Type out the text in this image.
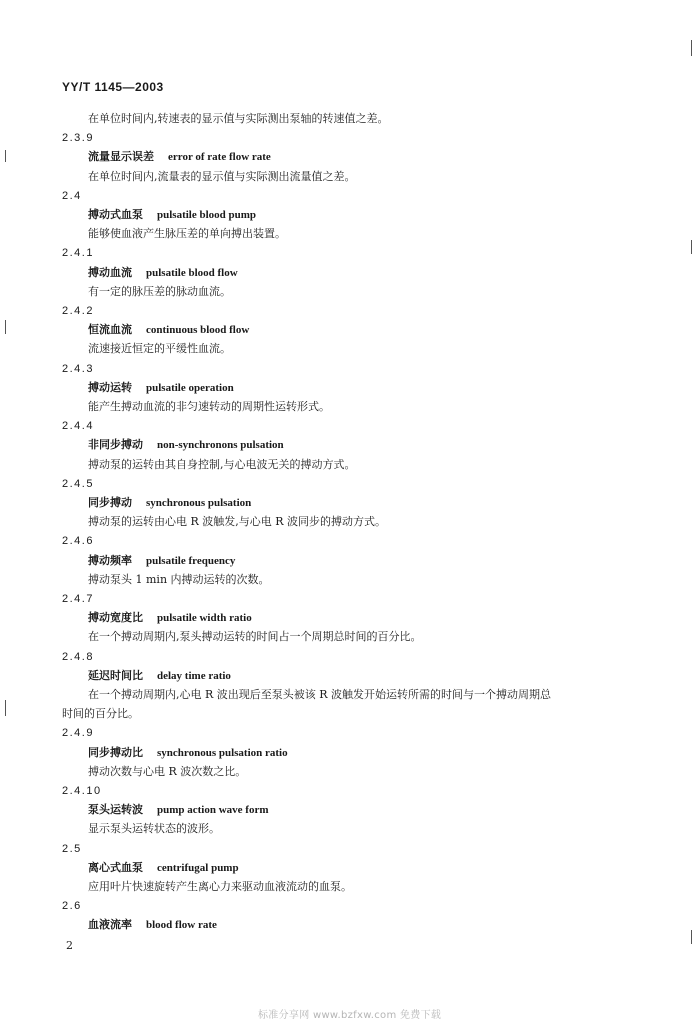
YY/T 1145—2003
在单位时间内,转速表的显示值与实际测出泵轴的转速值之差。
2.3.9
流量显示误差 error of rate flow rate
在单位时间内,流量表的显示值与实际测出流量值之差。
2.4
搏动式血泵 pulsatile blood pump
能够使血液产生脉压差的单向搏出装置。
2.4.1
搏动血流 pulsatile blood flow
有一定的脉压差的脉动血流。
2.4.2
恒流血流 continuous blood flow
流速接近恒定的平缓性血流。
2.4.3
搏动运转 pulsatile operation
能产生搏动血流的非匀速转动的周期性运转形式。
2.4.4
非同步搏动 non-synchronons pulsation
搏动泵的运转由其自身控制,与心电波无关的搏动方式。
2.4.5
同步搏动 synchronous pulsation
搏动泵的运转由心电 R 波触发,与心电 R 波同步的搏动方式。
2.4.6
搏动频率 pulsatile frequency
搏动泵头 1 min 内搏动运转的次数。
2.4.7
搏动宽度比 pulsatile width ratio
在一个搏动周期内,泵头搏动运转的时间占一个周期总时间的百分比。
2.4.8
延迟时间比 delay time ratio
在一个搏动周期内,心电 R 波出现后至泵头被该 R 波触发开始运转所需的时间与一个搏动周期总
时间的百分比。
2.4.9
同步搏动比 synchronous pulsation ratio
搏动次数与心电 R 波次数之比。
2.4.10
泵头运转波 pump action wave form
显示泵头运转状态的波形。
2.5
离心式血泵 centrifugal pump
应用叶片快速旋转产生离心力来驱动血液流动的血泵。
2.6
血液流率 blood flow rate
2
标准分享网 www.bzfxw.com 免费下载
